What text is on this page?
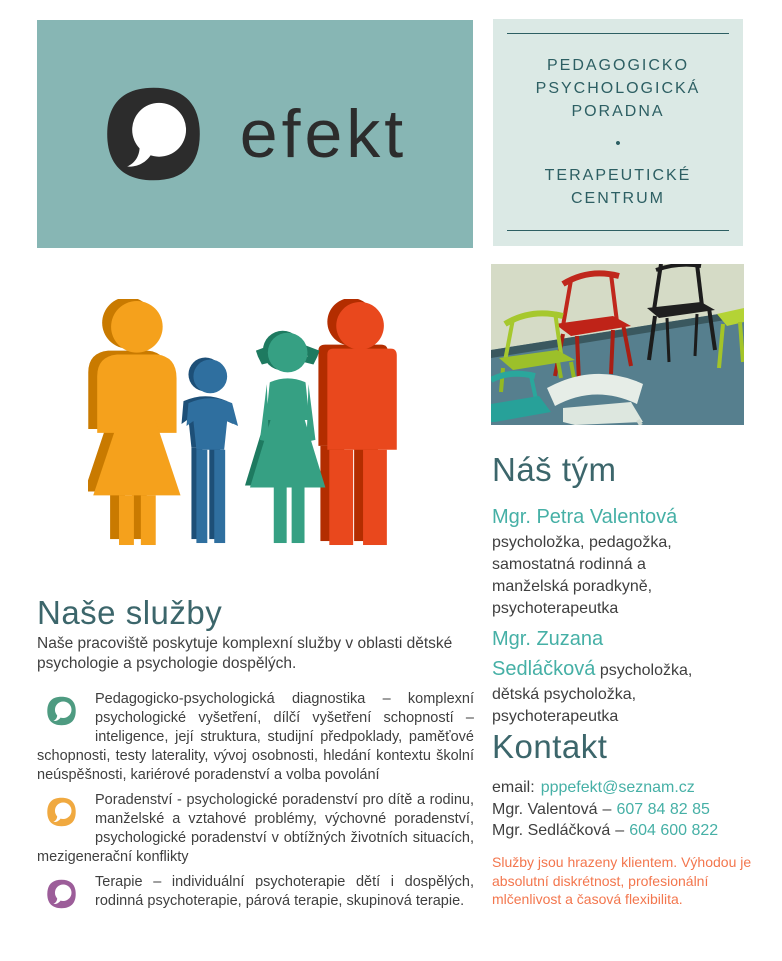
efekt
PEDAGOGICKO PSYCHOLOGICKÁ PORADNA
•
TERAPEUTICKÉ CENTRUM
Naše služby

Naše pracoviště poskytuje komplexní služby v oblasti dětské psychologie a psychologie dospělých.

Pedagogicko-psychologická diagnostika – komplexní psychologické vyšetření, dílčí vyšetření schopností – inteligence, její struktura, studijní předpoklady, paměťové schopnosti, testy laterality, vývoj osobnosti, hledání kontextu školní neúspěšnosti, kariérové poradenství a volba povolání

Poradenství - psychologické poradenství pro dítě a rodinu, manželské a vztahové problémy, výchovné poradenství, psychologické poradenství v obtížných životních situacích, mezigenerační konflikty

Terapie – individuální psychoterapie dětí i dospělých, rodinná psychoterapie, párová terapie, skupinová terapie.

Náš tým

Mgr. Petra Valentová psycholožka, pedagožka, samostatná rodinná a manželská poradkyně, psychoterapeutka

Mgr. Zuzana Sedláčková psycholožka, dětská psycholožka, psychoterapeutka

Kontakt

email: pppefekt@seznam.cz

Mgr. Valentová – 607 84 82 85

Mgr. Sedláčková – 604 600 822

Služby jsou hrazeny klientem. Výhodou je absolutní diskrétnost, profesionální mlčenlivost a časová flexibilita.
